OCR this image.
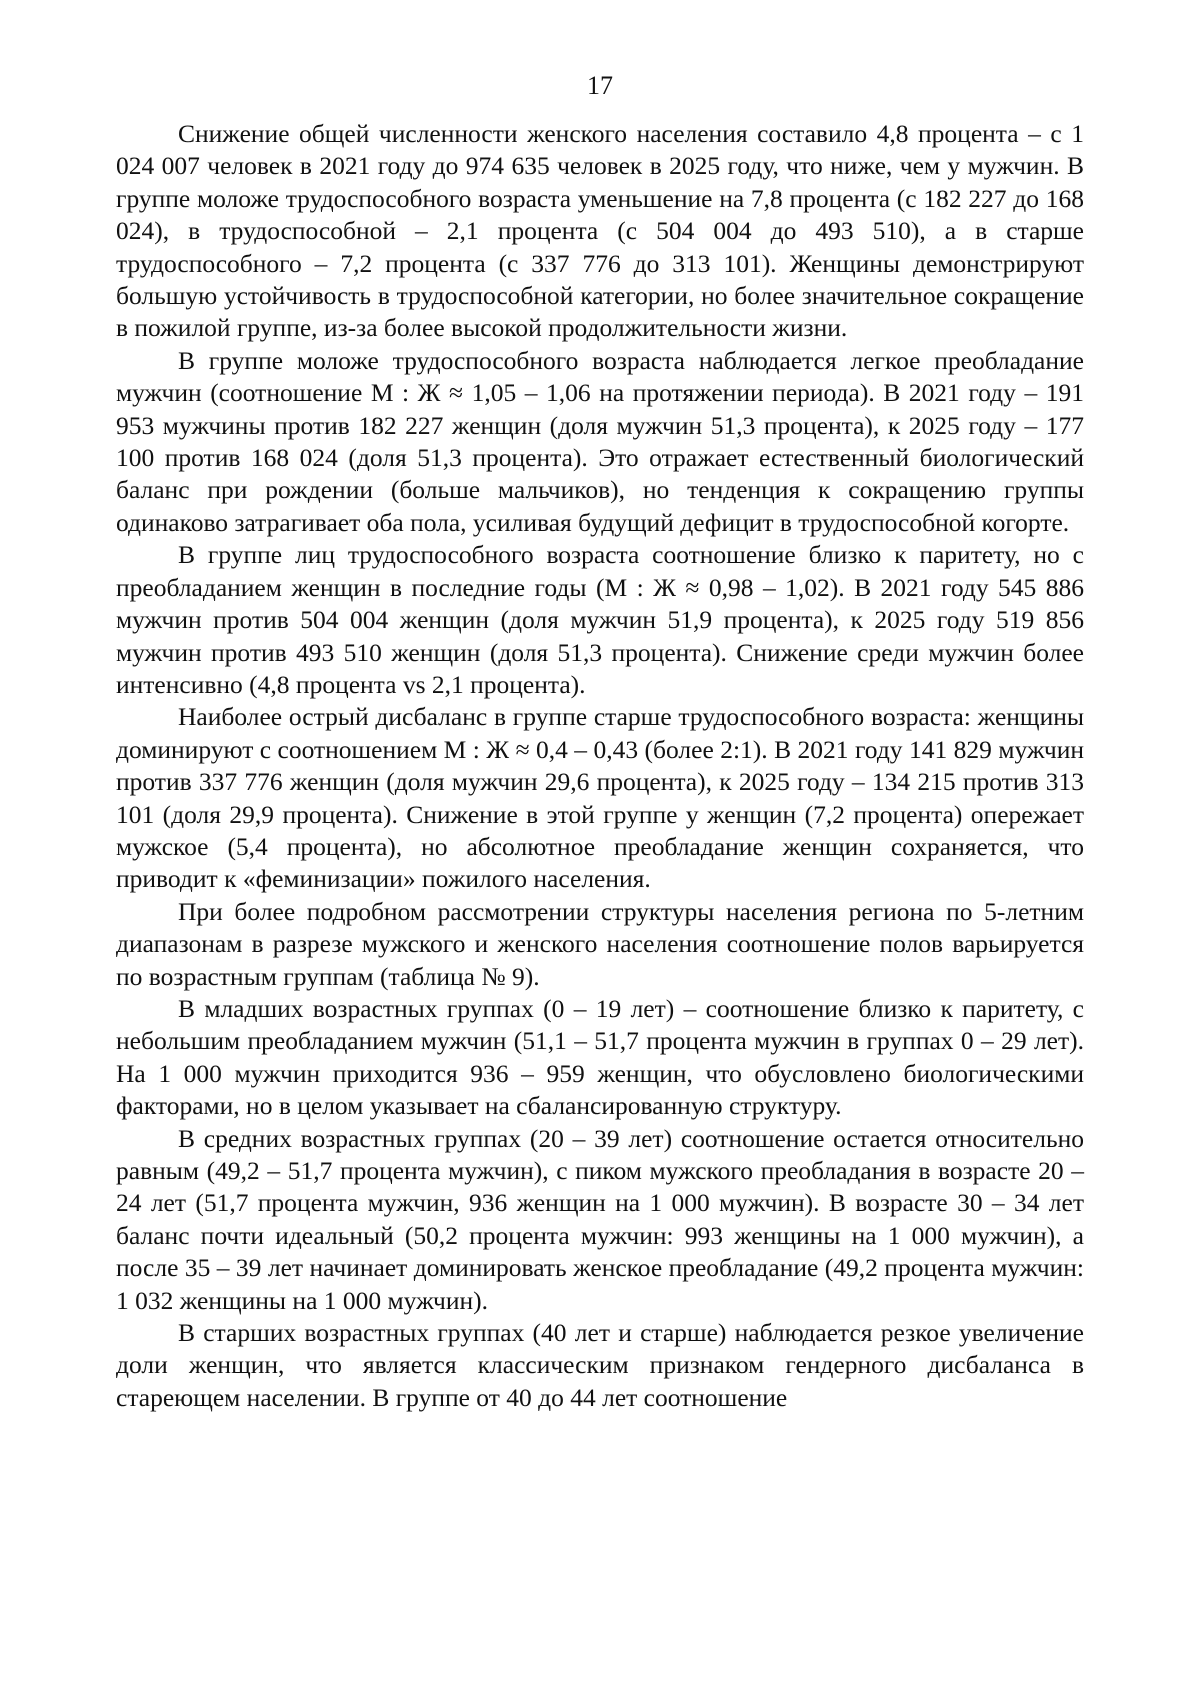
17

Снижение общей численности женского населения составило 4,8 процента – с 1 024 007 человек в 2021 году до 974 635 человек в 2025 году, что ниже, чем у мужчин. В группе моложе трудоспособного возраста уменьшение на 7,8 процента (с 182 227 до 168 024), в трудоспособной – 2,1 процента (с 504 004 до 493 510), а в старше трудоспособного – 7,2 процента (с 337 776 до 313 101). Женщины демонстрируют большую устойчивость в трудоспособной категории, но более значительное сокращение в пожилой группе, из-за более высокой продолжительности жизни.

В группе моложе трудоспособного возраста наблюдается легкое преобладание мужчин (соотношение М : Ж ≈ 1,05 – 1,06 на протяжении периода). В 2021 году – 191 953 мужчины против 182 227 женщин (доля мужчин 51,3 процента), к 2025 году – 177 100 против 168 024 (доля 51,3 процента). Это отражает естественный биологический баланс при рождении (больше мальчиков), но тенденция к сокращению группы одинаково затрагивает оба пола, усиливая будущий дефицит в трудоспособной когорте.

В группе лиц трудоспособного возраста соотношение близко к паритету, но с преобладанием женщин в последние годы (М : Ж ≈ 0,98 – 1,02). В 2021 году 545 886 мужчин против 504 004 женщин (доля мужчин 51,9 процента), к 2025 году 519 856 мужчин против 493 510 женщин (доля 51,3 процента). Снижение среди мужчин более интенсивно (4,8 процента vs 2,1 процента).

Наиболее острый дисбаланс в группе старше трудоспособного возраста: женщины доминируют с соотношением М : Ж ≈ 0,4 – 0,43 (более 2:1). В 2021 году 141 829 мужчин против 337 776 женщин (доля мужчин 29,6 процента), к 2025 году – 134 215 против 313 101 (доля 29,9 процента). Снижение в этой группе у женщин (7,2 процента) опережает мужское (5,4 процента), но абсолютное преобладание женщин сохраняется, что приводит к «феминизации» пожилого населения.

При более подробном рассмотрении структуры населения региона по 5-летним диапазонам в разрезе мужского и женского населения соотношение полов варьируется по возрастным группам (таблица № 9).

В младших возрастных группах (0 – 19 лет) – соотношение близко к паритету, с небольшим преобладанием мужчин (51,1 – 51,7 процента мужчин в группах 0 – 29 лет). На 1 000 мужчин приходится 936 – 959 женщин, что обусловлено биологическими факторами, но в целом указывает на сбалансированную структуру.

В средних возрастных группах (20 – 39 лет) соотношение остается относительно равным (49,2 – 51,7 процента мужчин), с пиком мужского преобладания в возрасте 20 – 24 лет (51,7 процента мужчин, 936 женщин на 1 000 мужчин). В возрасте 30 – 34 лет баланс почти идеальный (50,2 процента мужчин: 993 женщины на 1 000 мужчин), а после 35 – 39 лет начинает доминировать женское преобладание (49,2 процента мужчин: 1 032 женщины на 1 000 мужчин).

В старших возрастных группах (40 лет и старше) наблюдается резкое увеличение доли женщин, что является классическим признаком гендерного дисбаланса в стареющем населении. В группе от 40 до 44 лет соотношение
